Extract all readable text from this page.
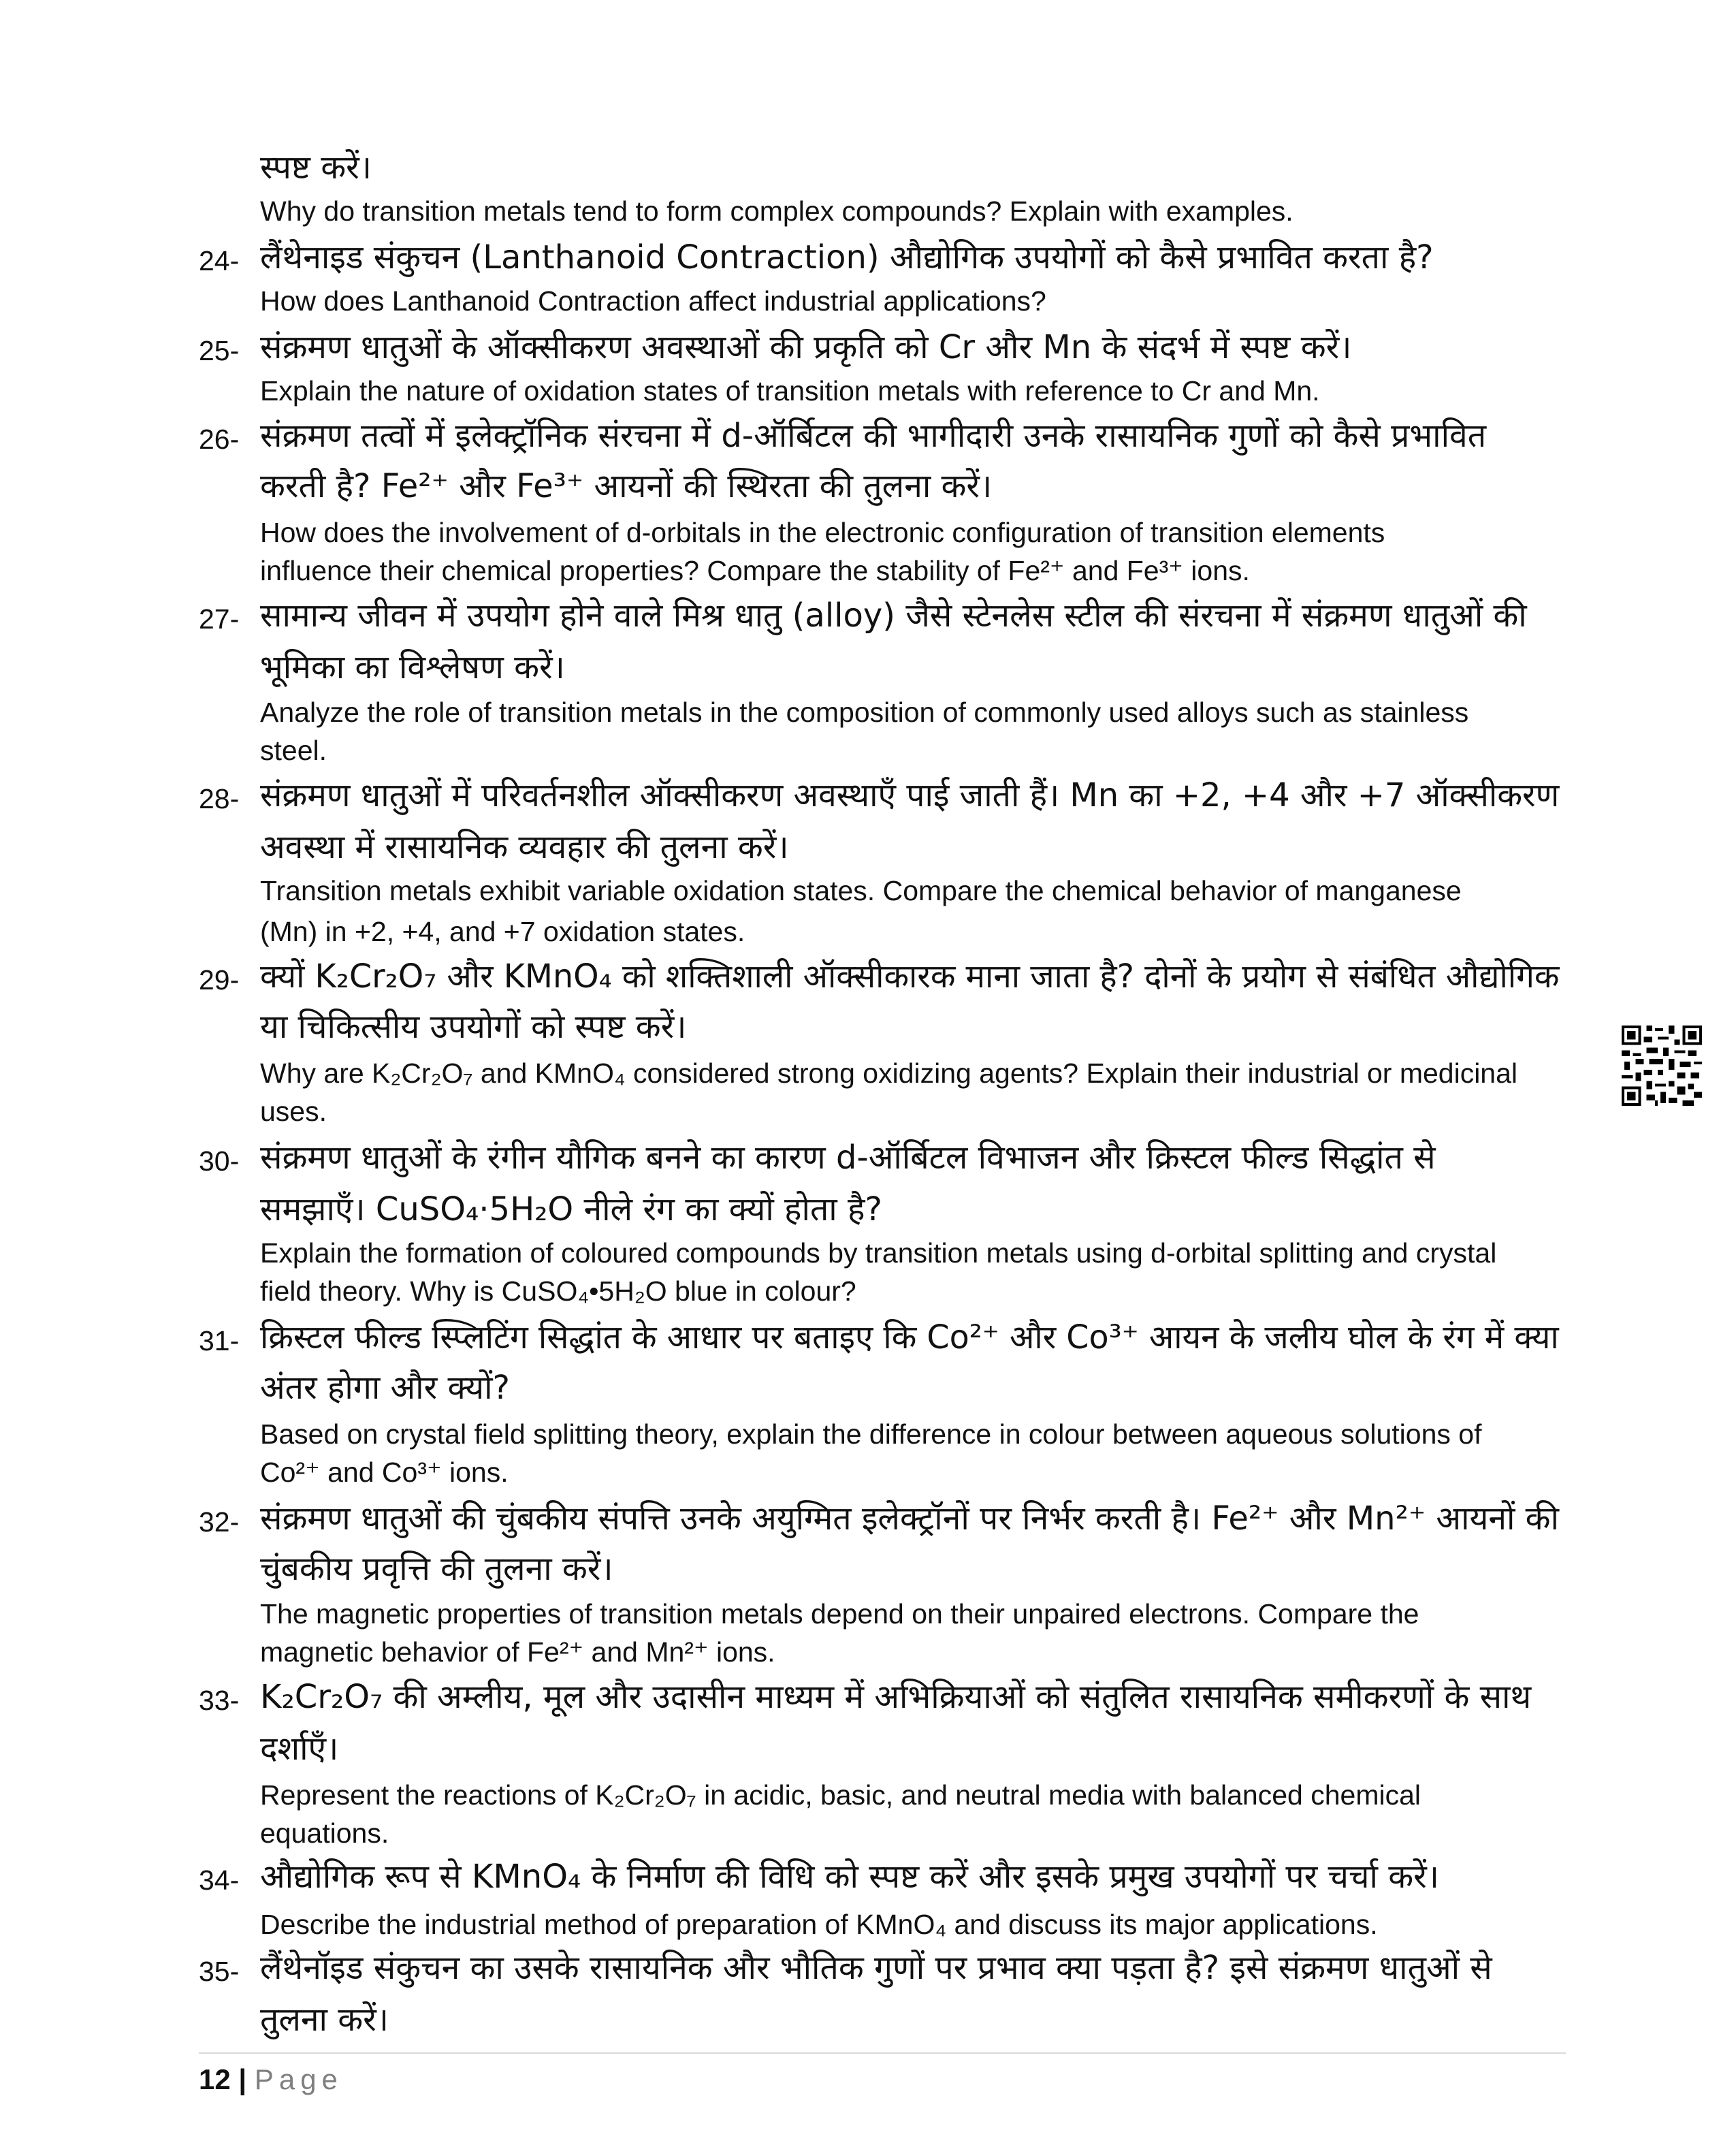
स्पष्ट करें।
Why do transition metals tend to form complex compounds? Explain with examples.
24- लैंथेनाइड संकुचन (Lanthanoid Contraction) औद्योगिक उपयोगों को कैसे प्रभावित करता है?
How does Lanthanoid Contraction affect industrial applications?
25- संक्रमण धातुओं के ऑक्सीकरण अवस्थाओं की प्रकृति को Cr और Mn के संदर्भ में स्पष्ट करें।
Explain the nature of oxidation states of transition metals with reference to Cr and Mn.
26- संक्रमण तत्वों में इलेक्ट्रॉनिक संरचना में d-ऑर्बिटल की भागीदारी उनके रासायनिक गुणों को कैसे प्रभावित
करती है? Fe²⁺ और Fe³⁺ आयनों की स्थिरता की तुलना करें।
How does the involvement of d-orbitals in the electronic configuration of transition elements
influence their chemical properties? Compare the stability of Fe²⁺ and Fe³⁺ ions.
27- सामान्य जीवन में उपयोग होने वाले मिश्र धातु (alloy) जैसे स्टेनलेस स्टील की संरचना में संक्रमण धातुओं की
भूमिका का विश्लेषण करें।
Analyze the role of transition metals in the composition of commonly used alloys such as stainless
steel.
28- संक्रमण धातुओं में परिवर्तनशील ऑक्सीकरण अवस्थाएँ पाई जाती हैं। Mn का +2, +4 और +7 ऑक्सीकरण
अवस्था में रासायनिक व्यवहार की तुलना करें।
Transition metals exhibit variable oxidation states. Compare the chemical behavior of manganese
(Mn) in +2, +4, and +7 oxidation states.
29- क्यों K₂Cr₂O₇ और KMnO₄ को शक्तिशाली ऑक्सीकारक माना जाता है? दोनों के प्रयोग से संबंधित औद्योगिक
या चिकित्सीय उपयोगों को स्पष्ट करें।
Why are K₂Cr₂O₇ and KMnO₄ considered strong oxidizing agents? Explain their industrial or medicinal
uses.
30- संक्रमण धातुओं के रंगीन यौगिक बनने का कारण d-ऑर्बिटल विभाजन और क्रिस्टल फील्ड सिद्धांत से
समझाएँ। CuSO₄·5H₂O नीले रंग का क्यों होता है?
Explain the formation of coloured compounds by transition metals using d-orbital splitting and crystal
field theory. Why is CuSO₄•5H₂O blue in colour?
31- क्रिस्टल फील्ड स्प्लिटिंग सिद्धांत के आधार पर बताइए कि Co²⁺ और Co³⁺ आयन के जलीय घोल के रंग में क्या
अंतर होगा और क्यों?
Based on crystal field splitting theory, explain the difference in colour between aqueous solutions of
Co²⁺ and Co³⁺ ions.
32- संक्रमण धातुओं की चुंबकीय संपत्ति उनके अयुग्मित इलेक्ट्रॉनों पर निर्भर करती है। Fe²⁺ और Mn²⁺ आयनों की
चुंबकीय प्रवृत्ति की तुलना करें।
The magnetic properties of transition metals depend on their unpaired electrons. Compare the
magnetic behavior of Fe²⁺ and Mn²⁺ ions.
33- K₂Cr₂O₇ की अम्लीय, मूल और उदासीन माध्यम में अभिक्रियाओं को संतुलित रासायनिक समीकरणों के साथ
दर्शाएँ।
Represent the reactions of K₂Cr₂O₇ in acidic, basic, and neutral media with balanced chemical
equations.
34- औद्योगिक रूप से KMnO₄ के निर्माण की विधि को स्पष्ट करें और इसके प्रमुख उपयोगों पर चर्चा करें।
Describe the industrial method of preparation of KMnO₄ and discuss its major applications.
35- लैंथेनॉइड संकुचन का उसके रासायनिक और भौतिक गुणों पर प्रभाव क्या पड़ता है? इसे संक्रमण धातुओं से
तुलना करें।
12 | Page
